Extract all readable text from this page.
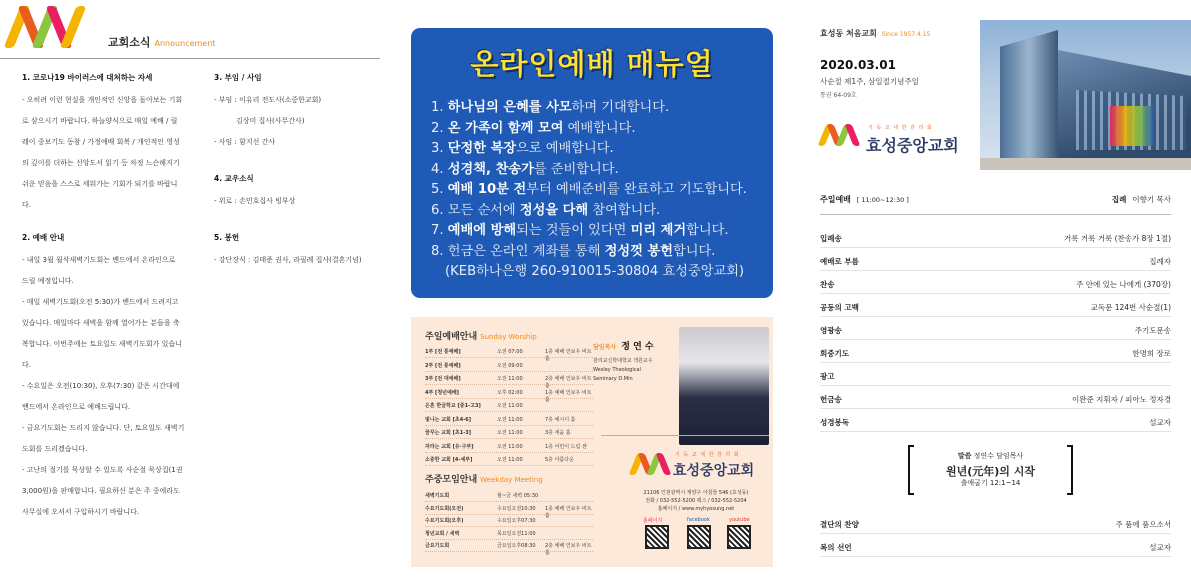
교회소식 Announcement
1. 코로나19 바이러스에 대처하는 자세

- 오히려 이런 현실을 개인적인 신앙을 돌아보는 기회

로 삼으시기 바랍니다. 하늘양식으로 매일 예배 / 릴

레이 중보기도 동참 / 가정예배 회복 / 개인적인 영성

의 깊이를 더하는 신앙도서 읽기 등 차정 느슨해지기

쉬운 믿음을 스스로 세워가는 기회가 되기를 바랍니

다.

2. 예배 안내

- 내일 3월 월삭새벽기도회는 밴드에서 온라인으로

드릴 예정입니다.

- 매일 새벽기도회(오전 5:30)가 밴드에서 드려지고

있습니다. 매일마다 새벽을 함께 열어가는 분들을 축

복합니다. 이번주에는 토요일도 새벽기도회가 있습니

다.

- 수요일은 오전(10:30), 오후(7:30) 같은 시간대에

밴드에서 온라인으로 예배드립니다.

- 금요기도회는 드리지 않습니다. 단, 토요일도 새벽기

도회를 드리겠습니다.

- 고난의 절기를 묵상할 수 있도록 사순절 묵상집(1권

3,000원)을 판매합니다. 필요하신 분은 주 중에라도

사무실에 오셔서 구입하시기 바랍니다.

3. 부임 / 사임

- 부임 : 이유리 전도사(소중한교회)

김상미 집사(사무간사)

- 사임 : 함지선 간사

4. 교우소식

- 위로 : 손민호집사 빙부상

5. 봉헌

- 강단장식 : 김태준 권사, 라필례 집사(결혼기념)

온라인예배 매뉴얼
1. 하나님의 은혜를 사모하며 기대합니다.
2. 온 가족이 함께 모여 예배합니다.
3. 단정한 복장으로 예배합니다.
4. 성경책, 찬송가를 준비합니다.
5. 예배 10분 전부터 예배준비를 완료하고 기도합니다.
6. 모든 순서에 정성을 다해 참여합니다.
7. 예배에 방해되는 것들이 있다면 미리 제거합니다.
8. 헌금은 온라인 계좌를 통해 정성껏 봉헌합니다.
(KEB하나은행 260-910015-30804 효성중앙교회)
주일예배안내 Sunday Worship
1부 [전 통예배]	오전 07:00	1층 예배 인보우 비트홀
2부 [전 통예배]	오전 09:00
3부 [전 대예배]	오전 11:00	2층 예배 인보우 비트홀
4부 [청년예배]	오후 02:00	1층 예배 인보우 비트홀
은혼 한글학교 [중1-고3]	오전 11:00
빛나는 교회 [초4-6]	오전 11:00	7층 예시디 홀
꿈꾸는 교회 [초1-3]	오전 11:00	3층 세움 홀
자라는 교회 [유·구부]	오전 11:00	1층 어린이 드림 센
소중한 교회 [4-세부]	오전 11:00	5층 아름다운
주중모임안내 Weekday Meeting
새벽기도회	월~금 새벽 05:30
수요기도회(오전)	수요일오전10:30 1층 예배 인보우 비트홀
수요기도회(오후)	수요일오후07:30
청년교회 / 새벽	목요일오전11:00
금요기도회	금요일오후08:30 2층 예배 인보우 비트홀
담임목사 정 연 수
감리교신학대학교 객원교수
Wesley Theological
Seminary D.Min
기 독 교 대 한 감 리 회
효성중앙교회
21106 인천광역시 계양구 아침뜰 546 (효성동)
전화 / 032-552-5200 팩스 / 032-552-5204
홈페이지 / www.myhyosung.net
홈페이지	facebook	youtube
효성동 처음교회 Since 1957.4.15
2020.03.01
사순절 제1주, 삼일절기념주일
통권 64-09호
기 독 교 대 한 감 리 회
효성중앙교회
주일예배 [ 11:00~12:30 ]	집례 이향기 목사
입례송	거룩 거룩 거룩 (찬송가 8장 1절)
예배로 부름	집례자
찬송	주 안에 있는 나에게 (370장)
공동의 고백	교독문 124번 사순절(1)
영광송	주기도문송
회중기도	한명희 장로
광고
헌금송	이완준 지휘자 / 피아노 정자경
성경봉독	설교자
말씀 정연수 담임목사
원년(元年)의 시작
출애굽기 12:1~14
결단의 찬양	주 품에 품으소서
복의 선언	설교자
